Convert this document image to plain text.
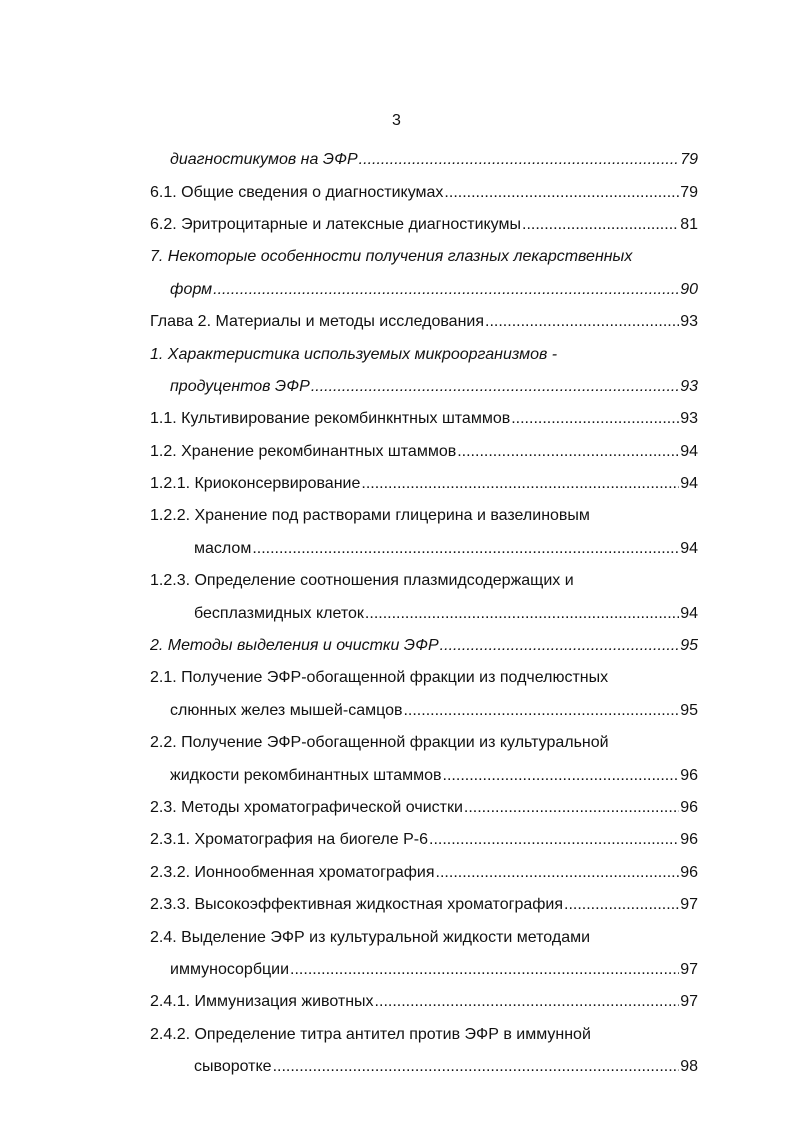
3
диагностикумов на ЭФР .....	79
6.1. Общие сведения о диагностикумах .....	79
6.2. Эритроцитарные и латексные диагностикумы .....	81
7. Некоторые особенности получения глазных лекарственных
форм .....	90
Глава 2. Материалы и методы исследования .....	93
1. Характеристика используемых микроорганизмов -
продуцентов ЭФР .....	93
1.1. Культивирование рекомбинкнтных штаммов .....	93
1.2. Хранение рекомбинантных штаммов .....	94
1.2.1. Криоконсервирование .....	94
1.2.2. Хранение под растворами глицерина и вазелиновым
маслом .....	94
1.2.3. Определение соотношения плазмидсодержащих и
бесплазмидных клеток .....	94
2. Методы выделения и очистки ЭФР .....	95
2.1. Получение ЭФР-обогащенной фракции из подчелюстных
слюнных желез мышей-самцов .....	95
2.2. Получение ЭФР-обогащенной фракции из культуральной
жидкости рекомбинантных штаммов .....	96
2.3. Методы хроматографической очистки .....	96
2.3.1. Хроматография на биогеле Р-6 .....	96
2.3.2. Ионнообменная хроматография .....	96
2.3.3. Высокоэффективная жидкостная хроматография .....	97
2.4. Выделение ЭФР из культуральной жидкости методами
иммуносорбции .....	97
2.4.1. Иммунизация животных .....	97
2.4.2. Определение титра антител против ЭФР в иммунной
сыворотке .....	98
